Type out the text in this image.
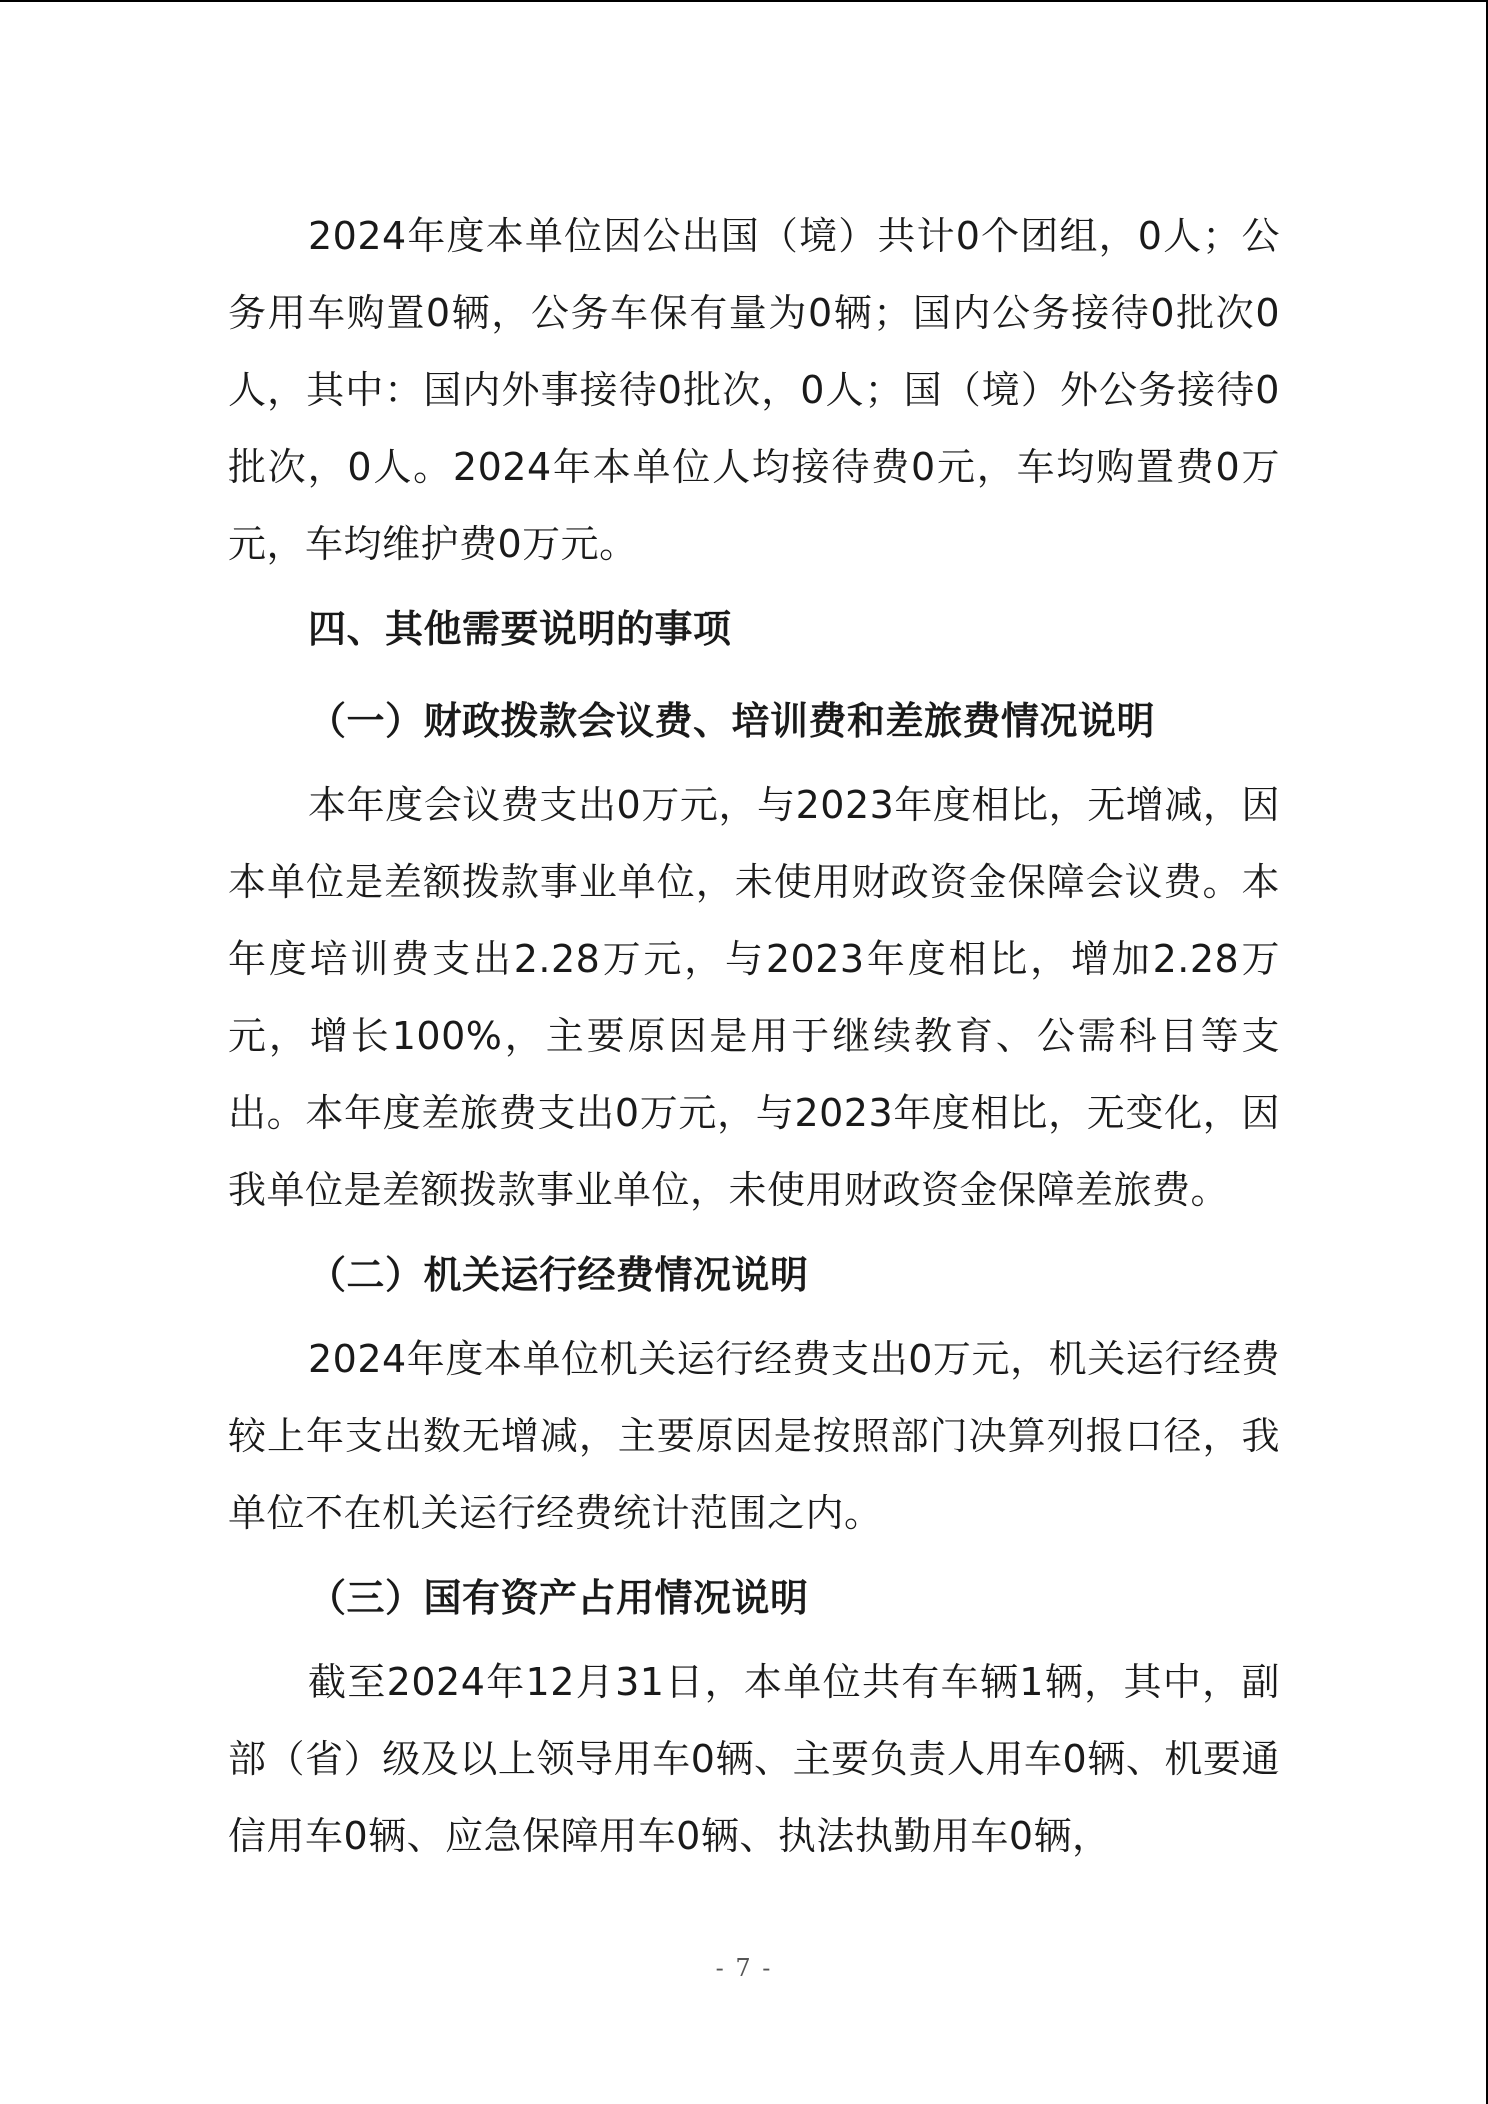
2024年度本单位因公出国（境）共计0个团组，0人；公务用车购置0辆，公务车保有量为0辆；国内公务接待0批次0人，其中：国内外事接待0批次，0人；国（境）外公务接待0批次，0人。2024年本单位人均接待费0元，车均购置费0万元，车均维护费0万元。

四、其他需要说明的事项

（一）财政拨款会议费、培训费和差旅费情况说明

本年度会议费支出0万元，与2023年度相比，无增减，因本单位是差额拨款事业单位，未使用财政资金保障会议费。本年度培训费支出2.28万元，与2023年度相比，增加2.28万元，增长100%，主要原因是用于继续教育、公需科目等支出。本年度差旅费支出0万元，与2023年度相比，无变化，因我单位是差额拨款事业单位，未使用财政资金保障差旅费。

（二）机关运行经费情况说明

2024年度本单位机关运行经费支出0万元，机关运行经费较上年支出数无增减，主要原因是按照部门决算列报口径，我单位不在机关运行经费统计范围之内。

（三）国有资产占用情况说明

截至2024年12月31日，本单位共有车辆1辆，其中，副部（省）级及以上领导用车0辆、主要负责人用车0辆、机要通信用车0辆、应急保障用车0辆、执法执勤用车0辆，

- 7 -
